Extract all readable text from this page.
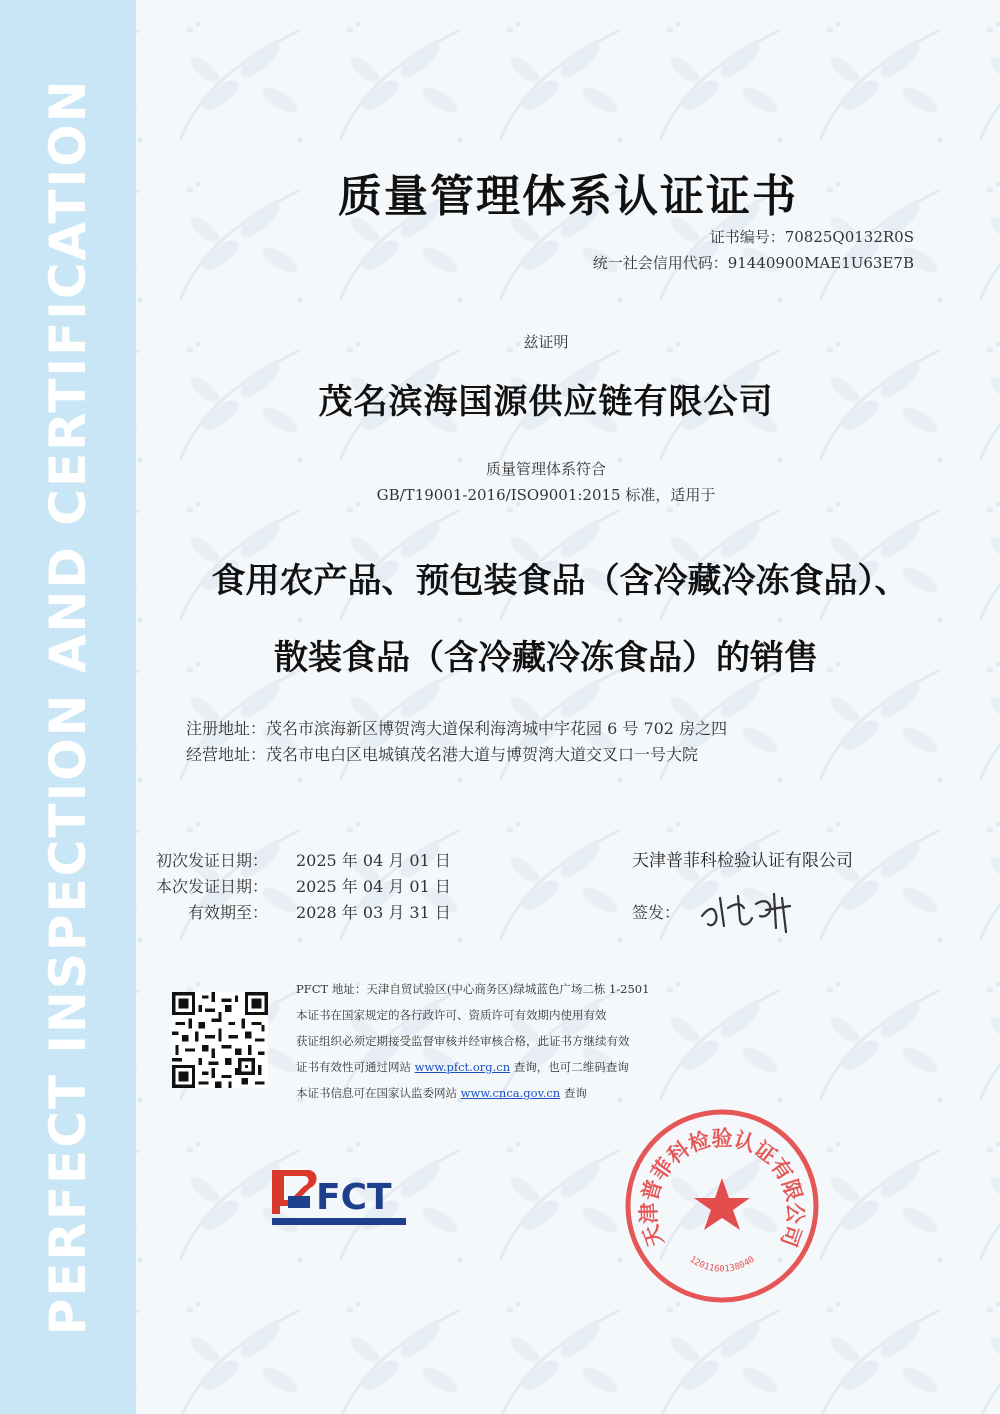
PERFECT INSPECTION AND CERTIFICATION	质量管理体系认证证书
证书编号：70825Q0132R0S
统一社会信用代码：91440900MAE1U63E7B
兹证明
茂名滨海国源供应链有限公司
质量管理体系符合
GB/T19001-2016/ISO9001:2015 标准，适用于
食用农产品、预包装食品（含冷藏冷冻食品）、
散装食品（含冷藏冷冻食品）的销售
注册地址：茂名市滨海新区博贺湾大道保利海湾城中宇花园 6 号 702 房之四
经营地址：茂名市电白区电城镇茂名港大道与博贺湾大道交叉口一号大院
初次发证日期： 2025 年 04 月 01 日
本次发证日期： 2025 年 04 月 01 日
有效期至： 2028 年 03 月 31 日
天津普菲科检验认证有限公司
签发：
PFCT 地址：天津自贸试验区(中心商务区)绿城蓝色广场二栋 1-2501
本证书在国家规定的各行政许可、资质许可有效期内使用有效
获证组织必须定期接受监督审核并经审核合格，此证书方继续有效
证书有效性可通过网站 www.pfct.org.cn 查询，也可二维码查询
本证书信息可在国家认监委网站 www.cnca.gov.cn 查询
FCT
天津普菲科检验认证有限公司
1201160138040
